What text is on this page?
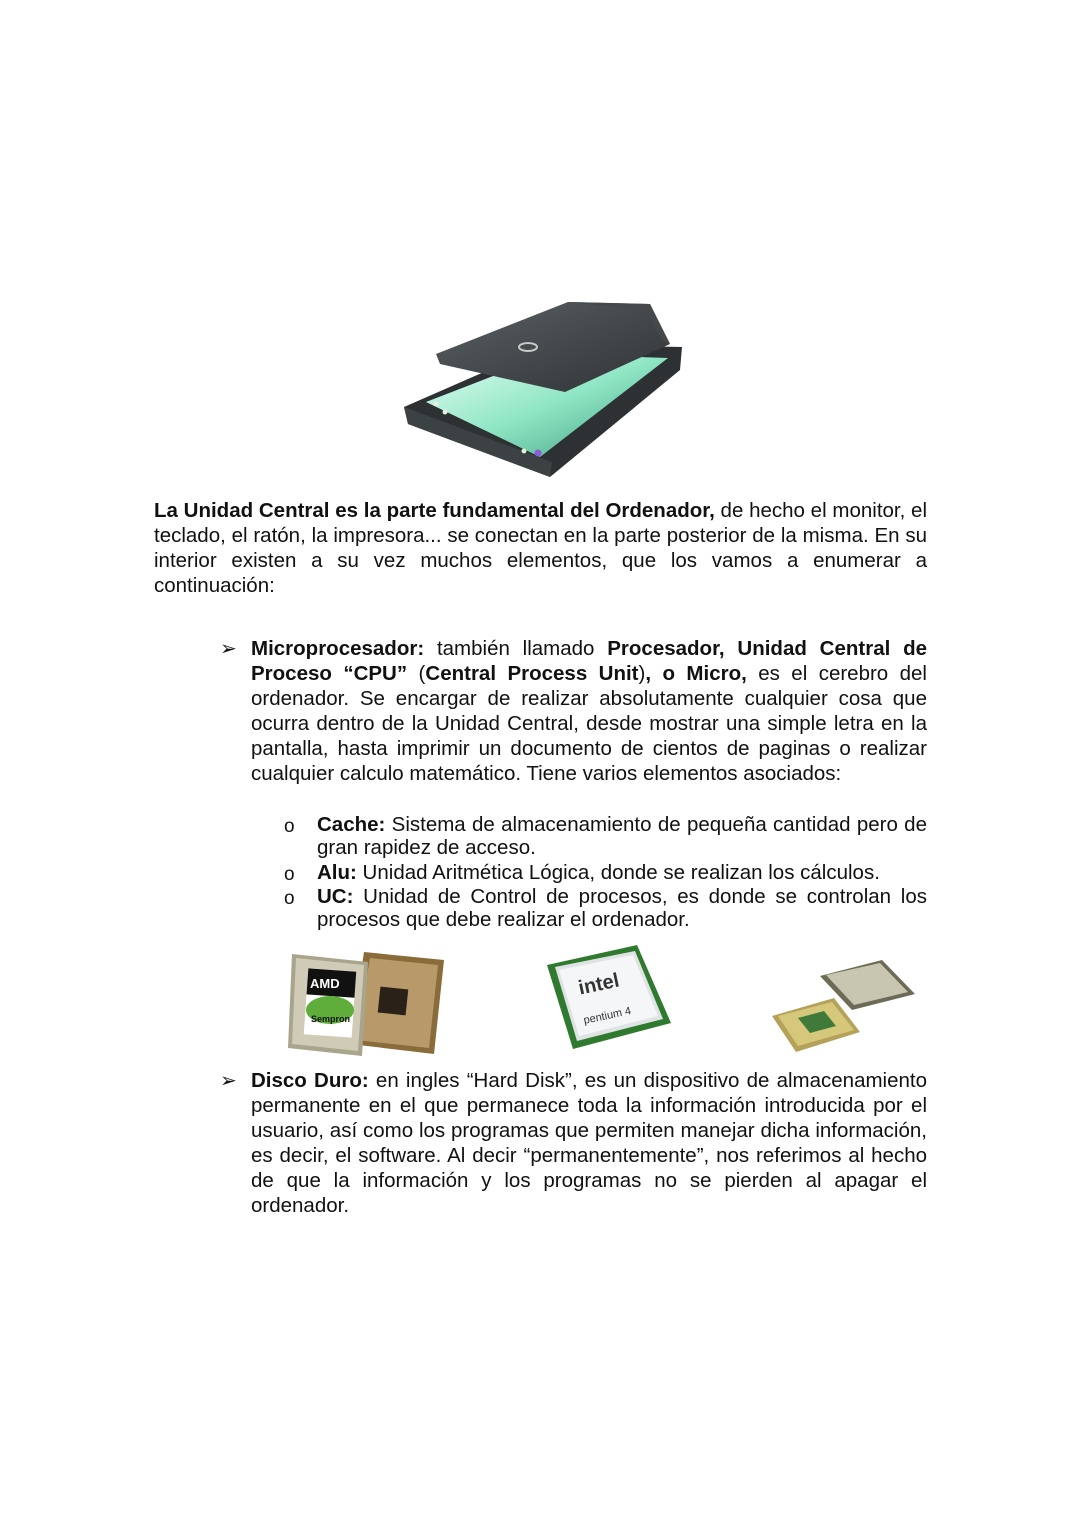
La Unidad Central es la parte fundamental del Ordenador, de hecho el monitor, el teclado, el ratón, la impresora... se conectan en la parte posterior de la misma. En su interior existen a su vez muchos elementos, que los vamos a enumerar a continuación:

➢ Microprocesador: también llamado Procesador, Unidad Central de Proceso “CPU” (Central Process Unit), o Micro, es el cerebro del ordenador. Se encargar de realizar absolutamente cualquier cosa que ocurra dentro de la Unidad Central, desde mostrar una simple letra en la pantalla, hasta imprimir un documento de cientos de paginas o realizar cualquier calculo matemático. Tiene varios elementos asociados:

o Cache: Sistema de almacenamiento de pequeña cantidad pero de gran rapidez de acceso.

o Alu: Unidad Aritmética Lógica, donde se realizan los cálculos.

o UC: Unidad de Control de procesos, es donde se controlan los procesos que debe realizar el ordenador.

AMD
Sempron
intel
pentium 4
➢ Disco Duro: en ingles “Hard Disk”, es un dispositivo de almacenamiento permanente en el que permanece toda la información introducida por el usuario, así como los programas que permiten manejar dicha información, es decir, el software. Al decir “permanentemente”, nos referimos al hecho de que la información y los programas no se pierden al apagar el ordenador.
